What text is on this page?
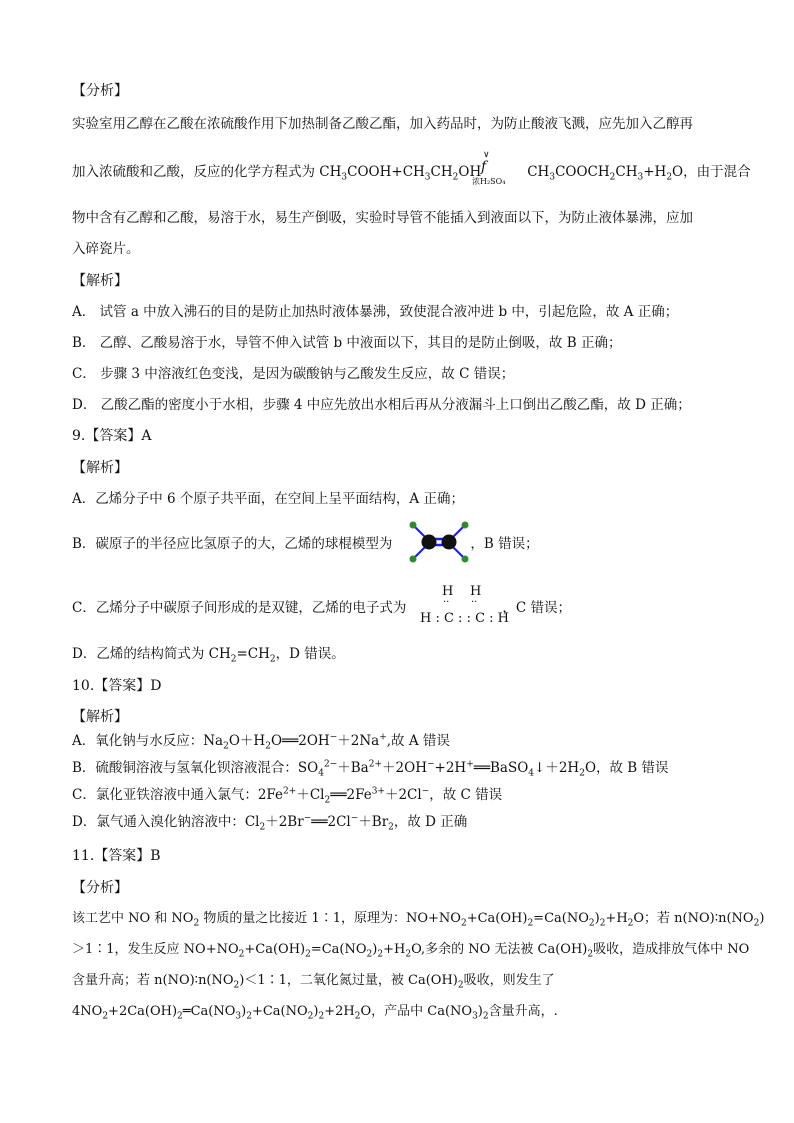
【分析】
实验室用乙醇在乙酸在浓硫酸作用下加热制备乙酸乙酯，加入药品时，为防止酸液飞溅，应先加入乙醇再
加入浓硫酸和乙酸，反应的化学方程式为 $CH_3COOH+CH_3CH_2OH$	$CH_3COOCH_2CH_3+H_2O$，由于混合
∨
f
浓H₂SO₄
物中含有乙醇和乙酸，易溶于水，易生产倒吸，实验时导管不能插入到液面以下，为防止液体暴沸，应加
入碎瓷片。
【解析】
A． 试管 a 中放入沸石的目的是防止加热时液体暴沸，致使混合液冲进 b 中，引起危险，故 A 正确；
B． 乙醇、乙酸易溶于水，导管不伸入试管 b 中液面以下，其目的是防止倒吸，故 B 正确；
C． 步骤 3 中溶液红色变浅，是因为碳酸钠与乙酸发生反应，故 C 错误；
D． 乙酸乙酯的密度小于水相，步骤 4 中应先放出水相后再从分液漏斗上口倒出乙酸乙酯，故 D 正确；
9.【答案】A
【解析】
A．乙烯分子中 6 个原子共平面，在空间上呈平面结构，A 正确；
B．碳原子的半径应比氢原子的大，乙烯的球棍模型为	，B 错误；
C．乙烯分子中碳原子间形成的是双键，乙烯的电子式为	，C 错误；
H H
·· ··
H : C : : C : H
D．乙烯的结构简式为 $CH_2=CH_2$，D 错误。
10.【答案】D
【解析】
A．氧化钠与水反应：$Na_2O+H_2O══2OH^-+2Na^+$,故 A 错误
B．硫酸铜溶液与氢氧化钡溶液混合：$SO_4^{2-}+Ba^{2+}+2OH^-+2H^+══BaSO_4↓+2H_2O$，故 B 错误
C．氯化亚铁溶液中通入氯气：$2Fe^{2+}+Cl_2══2Fe^{3+}+2Cl^-$，故 C 错误
D．氯气通入溴化钠溶液中：$Cl_2+2Br^-══2Cl^-+Br_2$，故 D 正确
11.【答案】B
【分析】
该工艺中 NO 和 $NO_2$ 物质的量之比接近 1∶1，原理为：$NO+NO_2+Ca(OH)_2=Ca(NO_2)_2+H_2O$；若 $n(NO)∶n(NO_2)$
＞1∶1，发生反应 $NO+NO_2+Ca(OH)_2=Ca(NO_2)_2+H_2O$,多余的 NO 无法被 $Ca(OH)_2$吸收，造成排放气体中 NO
含量升高；若 $n(NO)∶n(NO_2)<1∶1$，二氧化氮过量，被 $Ca(OH)_2$吸收，则发生了
$4NO_2+2Ca(OH)_2═Ca(NO_3)_2+Ca(NO_2)_2+2H_2O$，产品中 $Ca(NO_3)_2$含量升高，.
